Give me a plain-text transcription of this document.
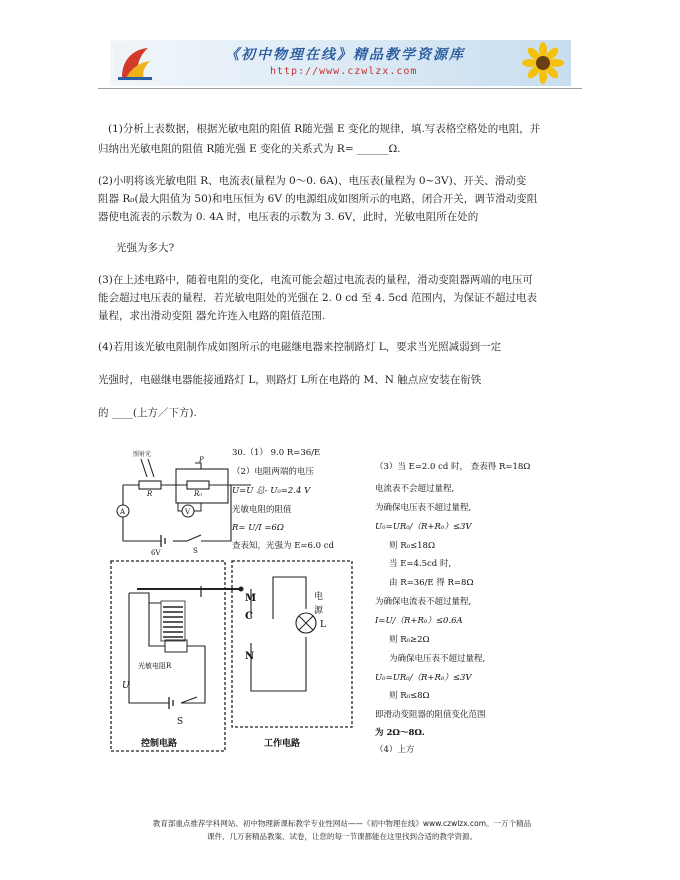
《初中物理在线》精品教学资源库
http://www.czwlzx.com
(1)分析上表数据，根据光敏电阻的阻值 R随光强 E 变化的规律，填.写表格空格处的电阻，并
归纳出光敏电阻的阻值 R随光强 E 变化的关系式为 R= ______Ω.
(2)小明将该光敏电阻 R、电流表(量程为 0～0. 6A)、电压表(量程为 0~3V)、开关、滑动变
阻器 R₀(最大阻值为 50)和电压恒为 6V 的电源组成如图所示的电路，闭合开关，调节滑动变阻
器使电流表的示数为 0. 4A 时，电压表的示数为 3. 6V，此时，光敏电阻所在处的
光强为多大?
(3)在上述电路中，随着电阻的变化，电流可能会超过电流表的量程，滑动变阻器两端的电压可
能会超过电压表的量程．若光敏电阻处的光强在 2. 0 cd 至 4. 5cd 范围内，为保证不超过电表
量程，求出滑动变阻 器允许连入电路的阻值范围.
(4)若用该光敏电阻制作成如图所示的电磁继电器来控制路灯 L，要求当光照减弱到一定
光强时，电磁继电器能接通路灯 L，则路灯 L所在电路的 M、N 触点应安装在衔铁
的 ____(上方／下方).
照射光
R
P
R₀
A	V
6V	S
30.（1） 9.0 R=36/E
（2）电阻两端的电压
U=U 总- U₀=2.4 V
光敏电阻的阻值
R= U/I =6Ω
查表知，光强为 E=6.0 cd
（3）当 E=2.0 cd 时， 查表得 R=18Ω
电流表不会超过量程,
为确保电压表不超过量程,
U₀=UR₀/（R+R₀）≤3V
则 R₀≤18Ω
当 E=4.5cd 时,
由 R=36/E 得 R=8Ω
为确保电流表不超过量程,
I=U/（R+R₀）≤0.6A
则 R₀≥2Ω
为确保电压表不超过量程,
U₀=UR₀/（R+R₀）≤3V
则 R₀≤8Ω
即滑动变阻器的阻值变化范围
为 2Ω～8Ω.
（4）上方
光敏电阻R
U
S
控制电路
M
C
N
电
源
L
工作电路
教育部重点推荐学科网站、初中物理新课标教学专业性网站——《初中物理在线》www.czwlzx.com。一万个精品
课件、几万套精品教案、试卷，让您的每一节课都能在这里找到合适的教学资源。
